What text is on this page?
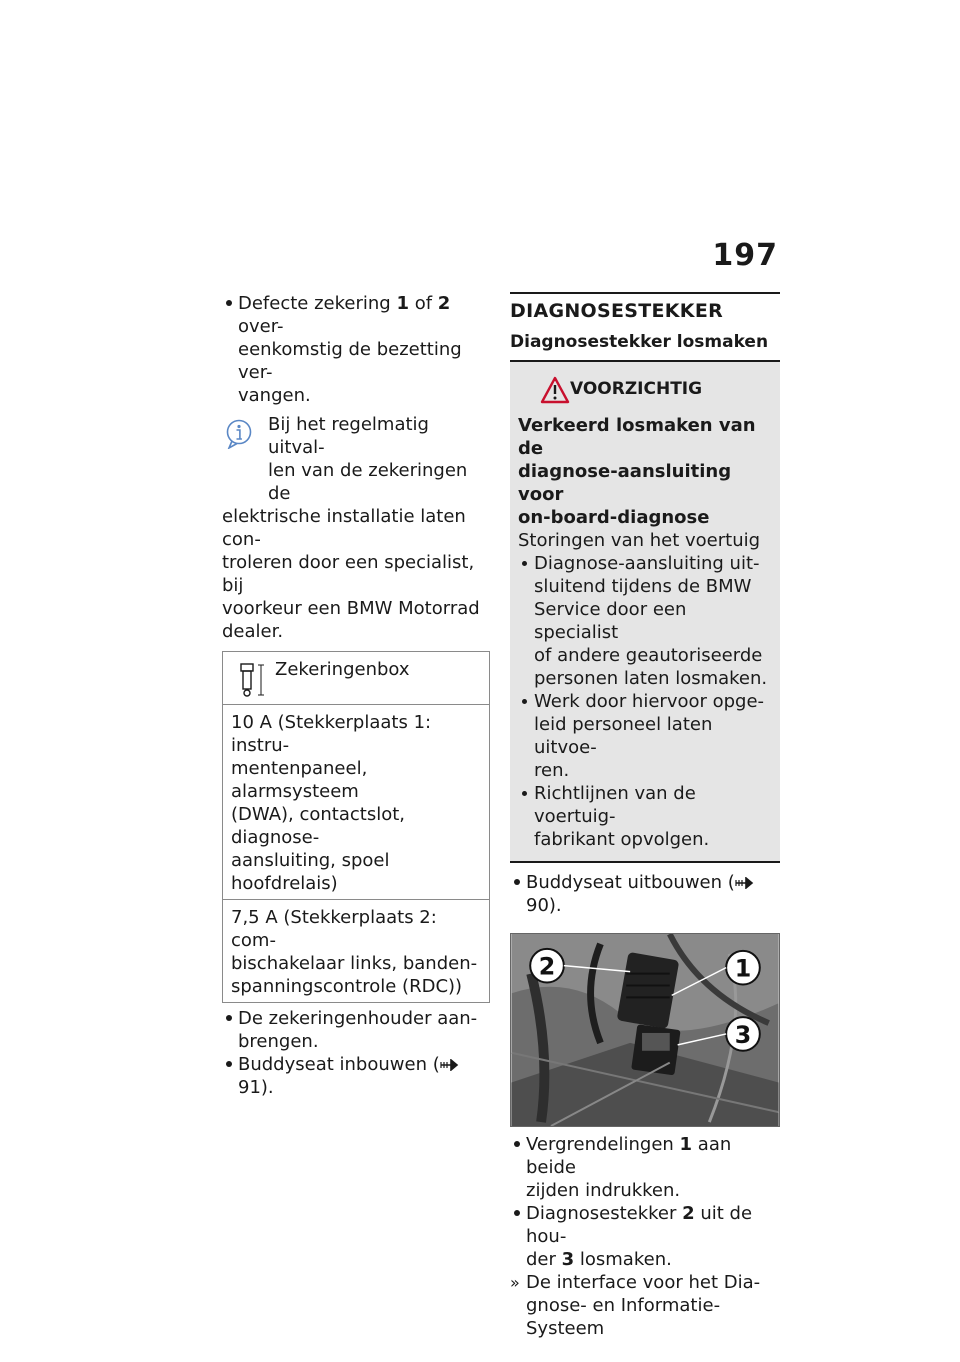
197
Defecte zekering 1 of 2 over-
eenkomstig de bezetting ver-
vangen.
Bij het regelmatig uitval-
len van de zekeringen de
elektrische installatie laten con-
troleren door een specialist, bij
voorkeur een BMW Motorrad
dealer.
Zekeringenbox
10 A (Stekkerplaats 1: instru-
mentenpaneel, alarmsysteem
(DWA), contactslot, diagnose-
aansluiting, spoel hoofdrelais)
7,5 A (Stekkerplaats 2: com-
bischakelaar links, banden-
spanningscontrole (RDC))
De zekeringenhouder aan-
brengen.
Buddyseat inbouwen (91).
DIAGNOSESTEKKER
Diagnosestekker losmaken
VOORZICHTIG
Verkeerd losmaken van de
diagnose-aansluiting voor
on-board-diagnose
Storingen van het voertuig
Diagnose-aansluiting uit-
sluitend tijdens de BMW
Service door een specialist
of andere geautoriseerde
personen laten losmaken.
Werk door hiervoor opge-
leid personeel laten uitvoe-
ren.
Richtlijnen van de voertuig-
fabrikant opvolgen.
Buddyseat uitbouwen (90).
2	1
3
Vergrendelingen 1 aan beide
zijden indrukken.
Diagnosestekker 2 uit de hou-
der 3 losmaken.
» De interface voor het Dia-
gnose- en Informatie-Systeem
